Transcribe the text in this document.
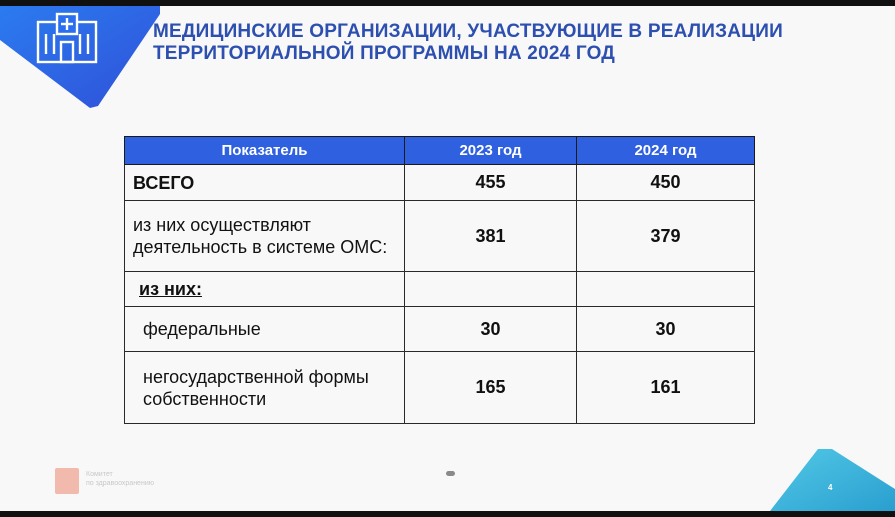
МЕДИЦИНСКИЕ ОРГАНИЗАЦИИ, УЧАСТВУЮЩИЕ В РЕАЛИЗАЦИИ
ТЕРРИТОРИАЛЬНОЙ ПРОГРАММЫ НА 2024 ГОД
Показатель	2023 год	2024 год
ВСЕГО	455	450
из них осуществляют деятельность в системе ОМС:	381	379
из них:		
федеральные	30	30
негосударственной формы собственности	165	161
Комитет
по здравоохранению	4
